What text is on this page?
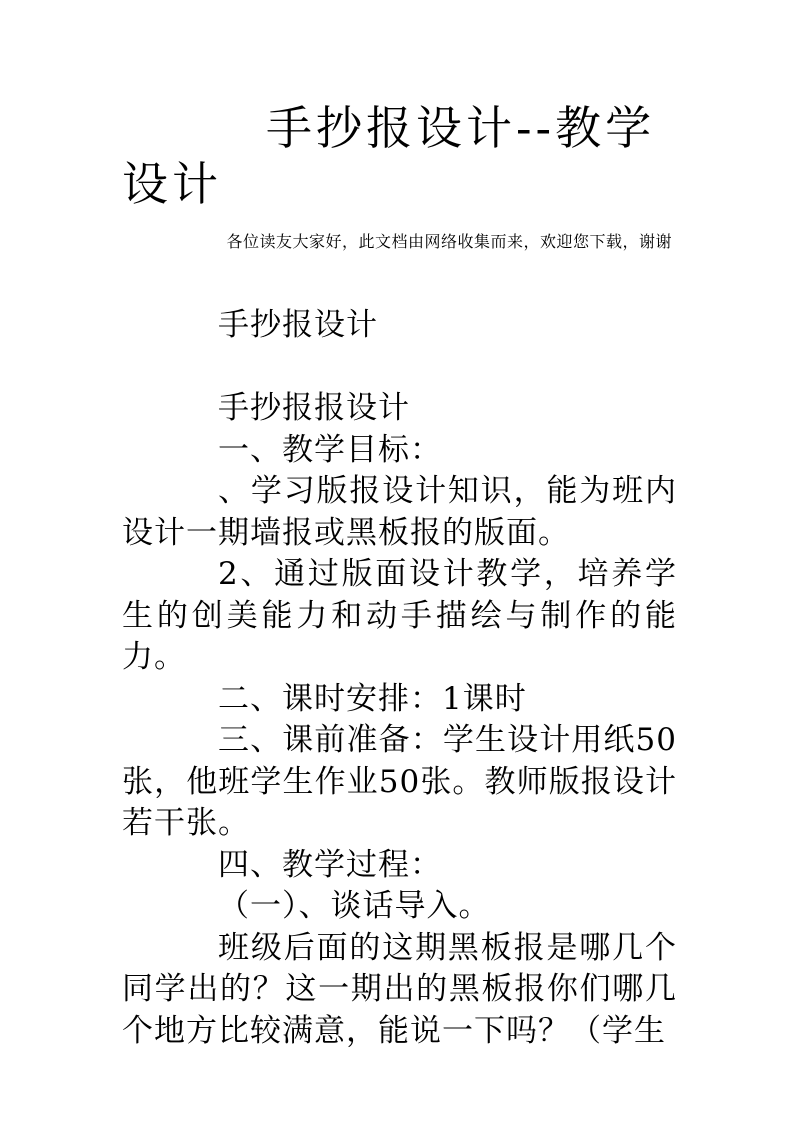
手抄报设计--教学设计
各位读友大家好，此文档由网络收集而来，欢迎您下载，谢谢

手抄报设计

手抄报报设计

一、教学目标：

、学习版报设计知识，能为班内设计一期墙报或黑板报的版面。

2、通过版面设计教学，培养学生的创美能力和动手描绘与制作的能力。

二、课时安排：1课时

三、课前准备：学生设计用纸50张，他班学生作业50张。教师版报设计若干张。

四、教学过程：

（一）、谈话导入。

班级后面的这期黑板报是哪几个同学出的？这一期出的黑板报你们哪几个地方比较满意，能说一下吗？（学生
